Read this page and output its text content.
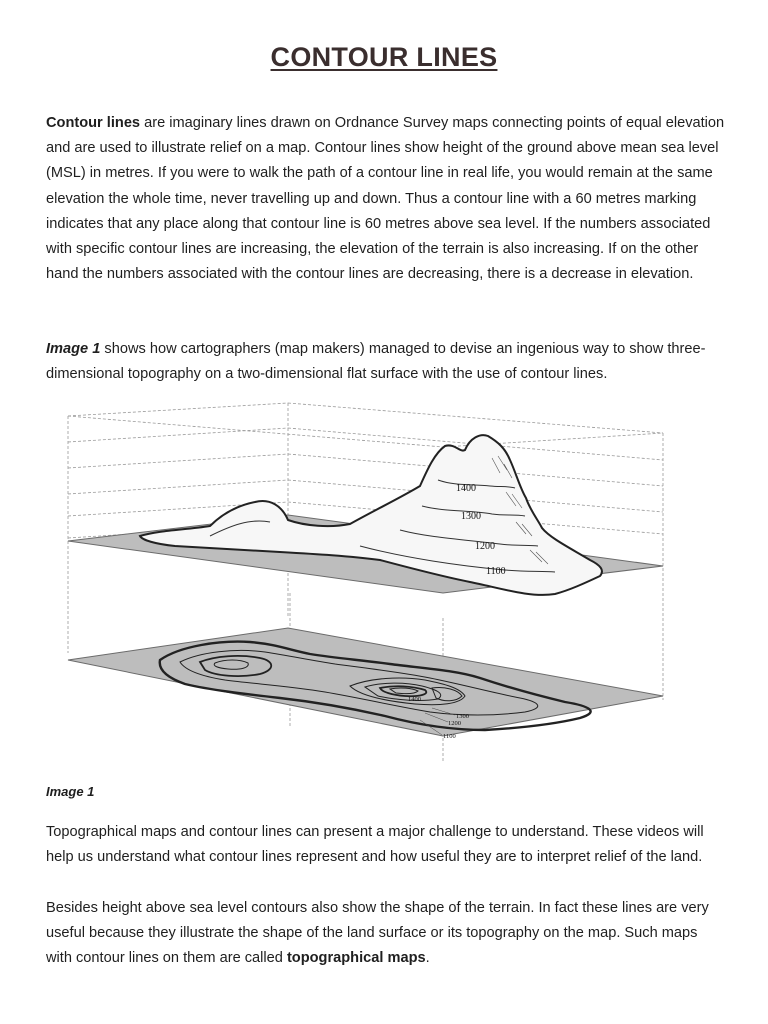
CONTOUR LINES

Contour lines are imaginary lines drawn on Ordnance Survey maps connecting points of equal elevation and are used to illustrate relief on a map. Contour lines show height of the ground above mean sea level (MSL) in metres. If you were to walk the path of a contour line in real life, you would remain at the same elevation the whole time, never travelling up and down. Thus a contour line with a 60 metres marking indicates that any place along that contour line is 60 metres above sea level. If the numbers associated with specific contour lines are increasing, the elevation of the terrain is also increasing. If on the other hand the numbers associated with the contour lines are decreasing, there is a decrease in elevation.

Image 1 shows how cartographers (map makers) managed to devise an ingenious way to show three-dimensional topography on a two-dimensional flat surface with the use of contour lines.

1400
1300
1200
1100
1400
1300
1200
1100

Image 1

Topographical maps and contour lines can present a major challenge to understand. These videos will help us understand what contour lines represent and how useful they are to interpret relief of the land.

Besides height above sea level contours also show the shape of the terrain. In fact these lines are very useful because they illustrate the shape of the land surface or its topography on the map. Such maps with contour lines on them are called topographical maps.
